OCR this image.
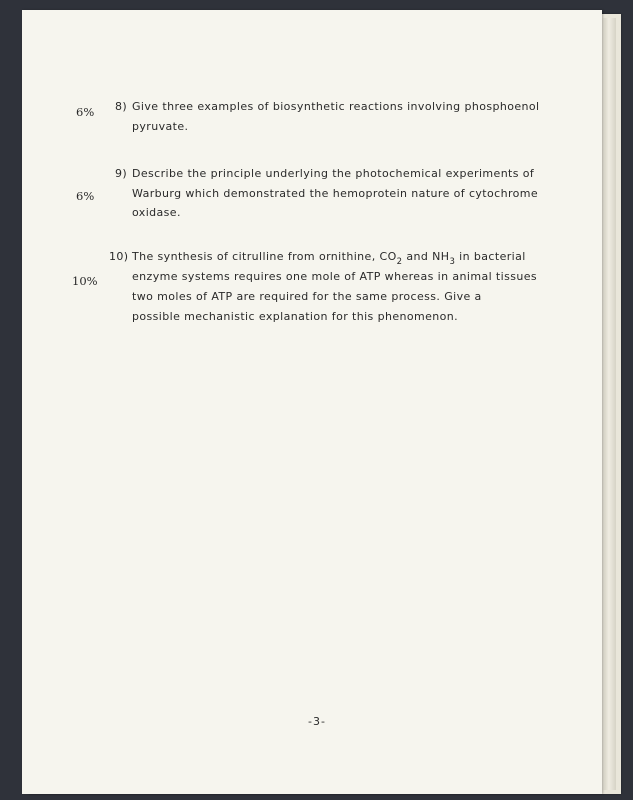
6% 8) Give three examples of biosynthetic reactions involving phosphoenol
pyruvate.
9) Describe the principle underlying the photochemical experiments of
6%	Warburg which demonstrated the hemoprotein nature of cytochrome
oxidase.
10) The synthesis of citrulline from ornithine, $CO_2$ and $NH_3$ in bacterial
10%	enzyme systems requires one mole of ATP whereas in animal tissues
two moles of ATP are required for the same process. Give a
possible mechanistic explanation for this phenomenon.
-3-
